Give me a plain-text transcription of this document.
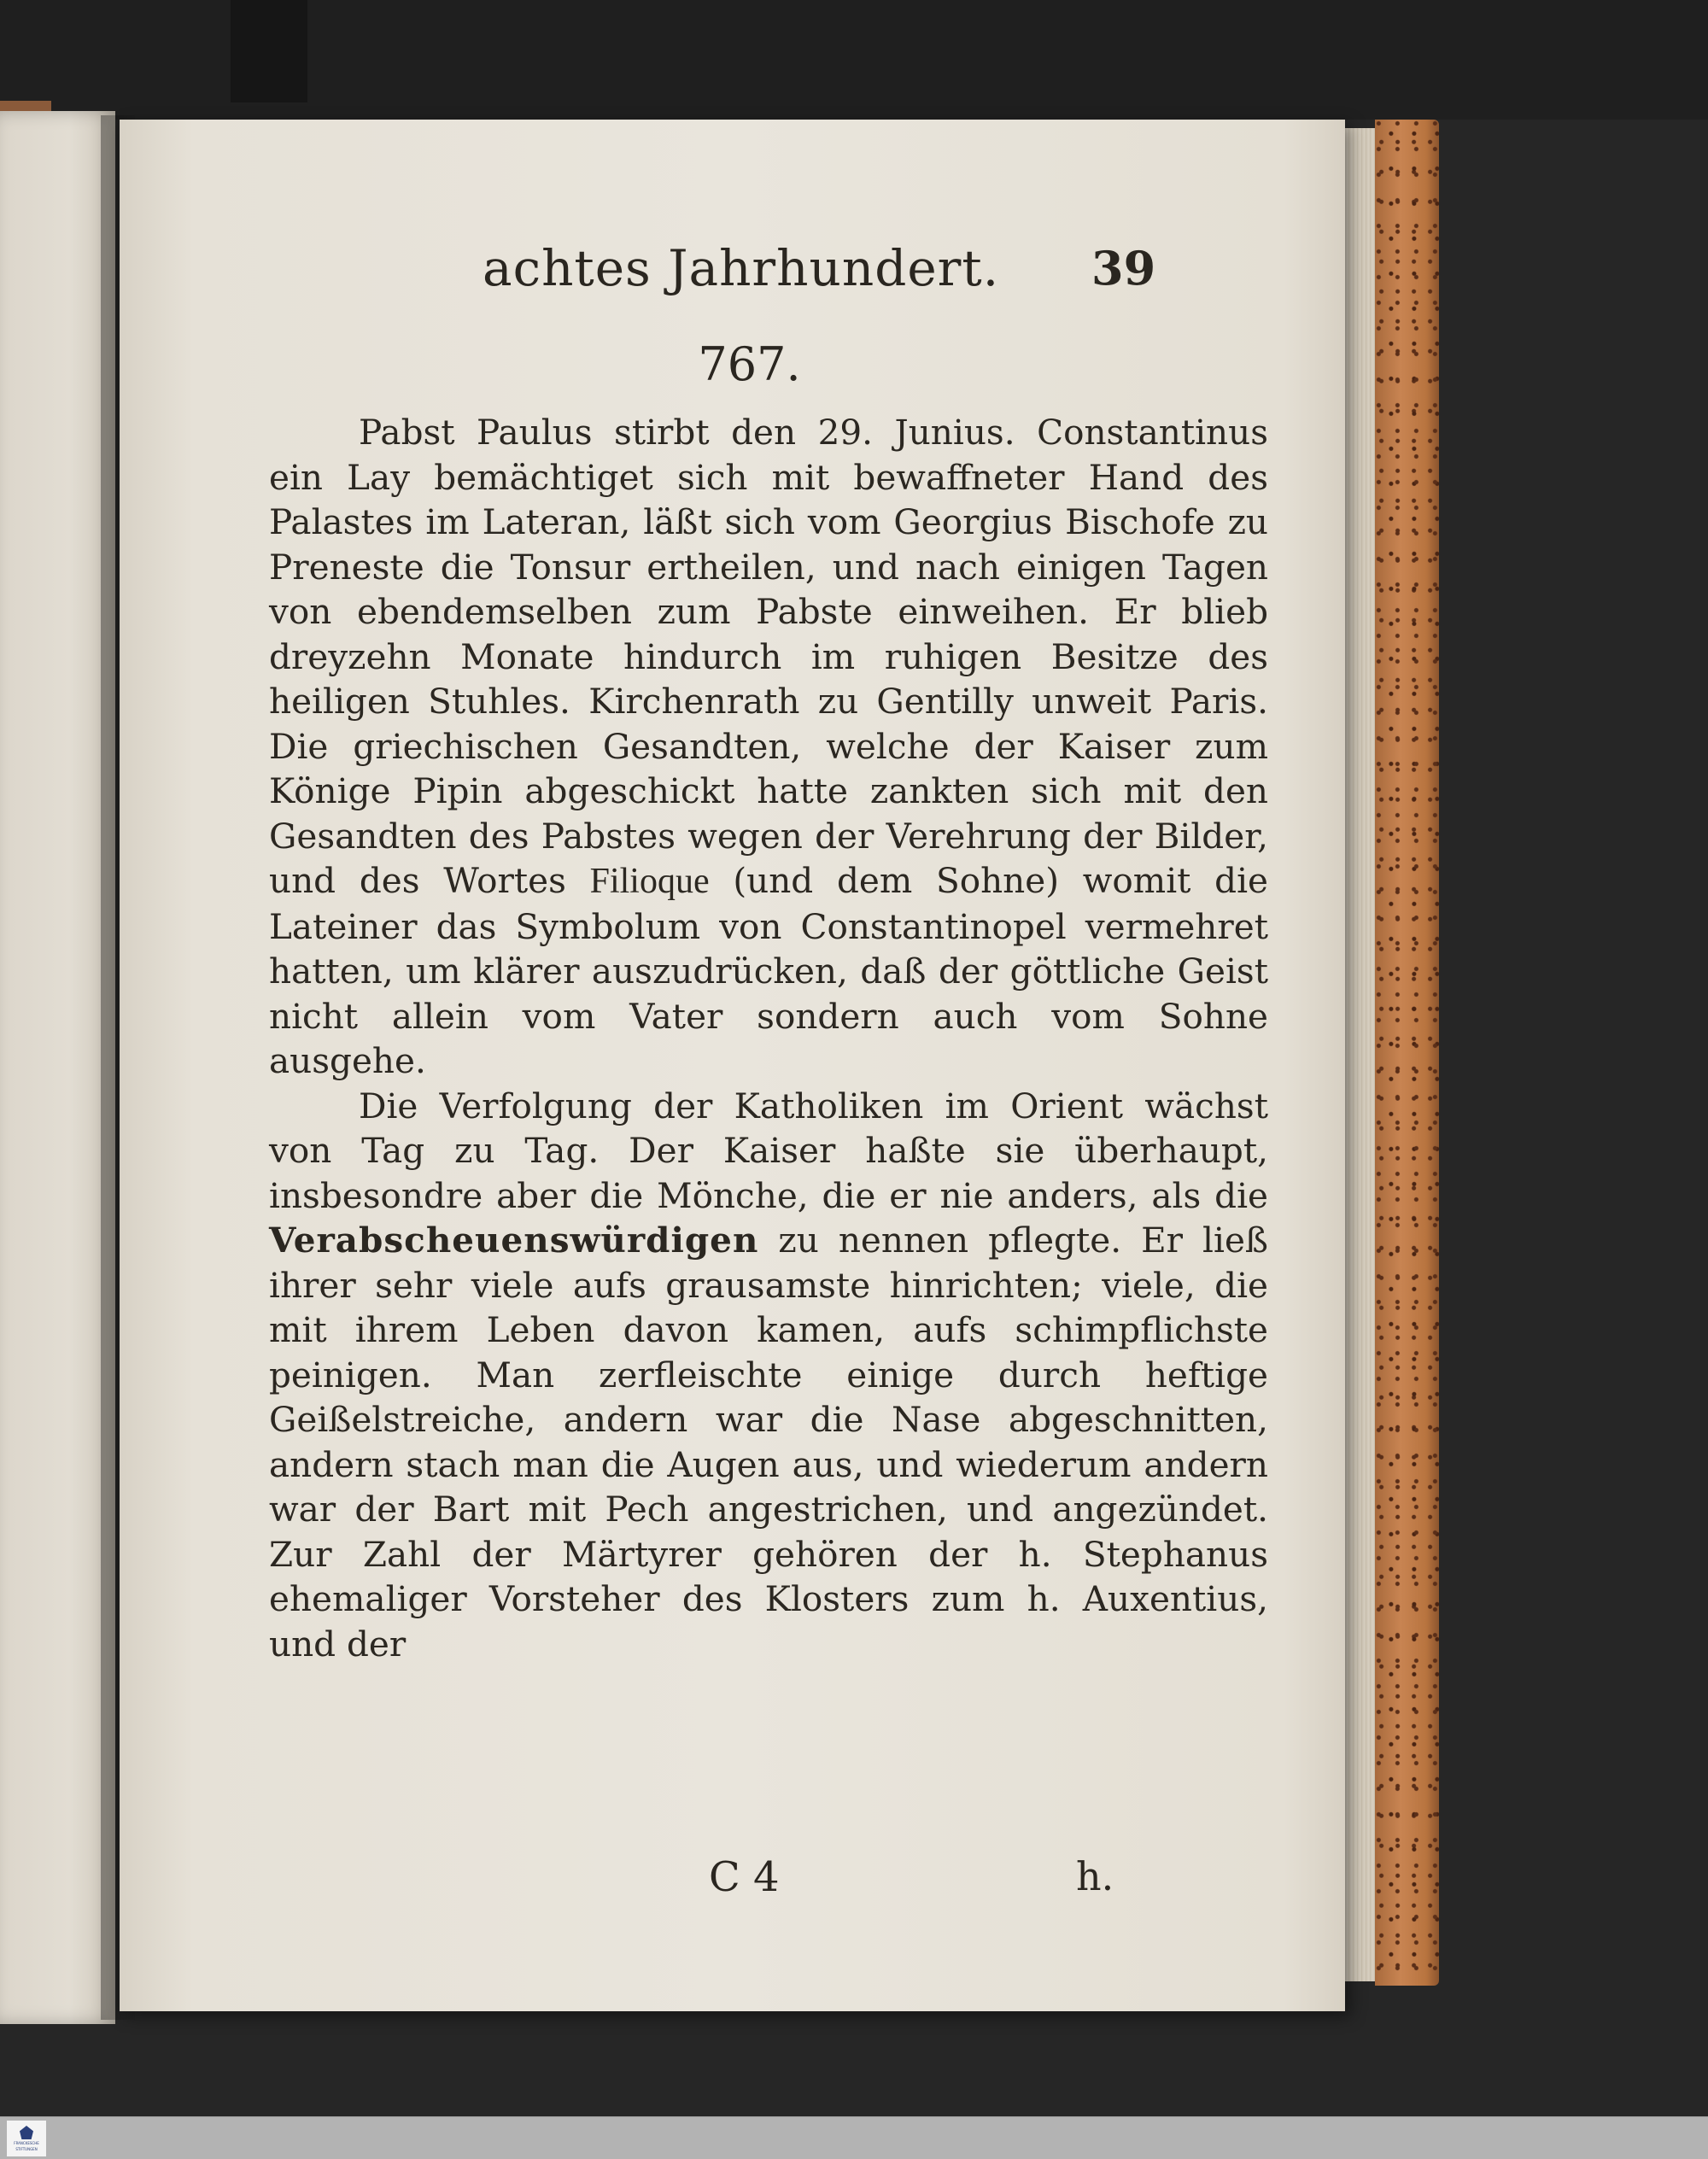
achtes Jahrhundert. 39
767.

Pabst Paulus stirbt den 29. Junius. Constantinus ein Lay bemächtiget sich mit bewaffneter Hand des Palastes im Lateran, läßt sich vom Georgius Bischofe zu Preneste die Tonsur ertheilen, und nach einigen Tagen von ebendemselben zum Pabste einweihen. Er blieb dreyzehn Monate hindurch im ruhigen Besitze des heiligen Stuhles. Kirchenrath zu Gentilly unweit Paris. Die griechischen Gesandten, welche der Kaiser zum Könige Pipin abgeschickt hatte zankten sich mit den Gesandten des Pabstes wegen der Verehrung der Bilder, und des Wortes Filioque (und dem Sohne) womit die Lateiner das Symbolum von Constantinopel vermehret hatten, um klärer auszudrücken, daß der göttliche Geist nicht allein vom Vater sondern auch vom Sohne ausgehe.

Die Verfolgung der Katholiken im Orient wächst von Tag zu Tag. Der Kaiser haßte sie überhaupt, insbesondre aber die Mönche, die er nie anders, als die Verabscheuenswürdigen zu nennen pflegte. Er ließ ihrer sehr viele aufs grausamste hinrichten; viele, die mit ihrem Leben davon kamen, aufs schimpflichste peinigen. Man zerfleischte einige durch heftige Geißelstreiche, andern war die Nase abgeschnitten, andern stach man die Augen aus, und wiederum andern war der Bart mit Pech angestrichen, und angezündet. Zur Zahl der Märtyrer gehören der h. Stephanus ehemaliger Vorsteher des Klosters zum h. Auxentius, und der

C 4	h.
FRANCKESCHE
STIFTUNGEN
